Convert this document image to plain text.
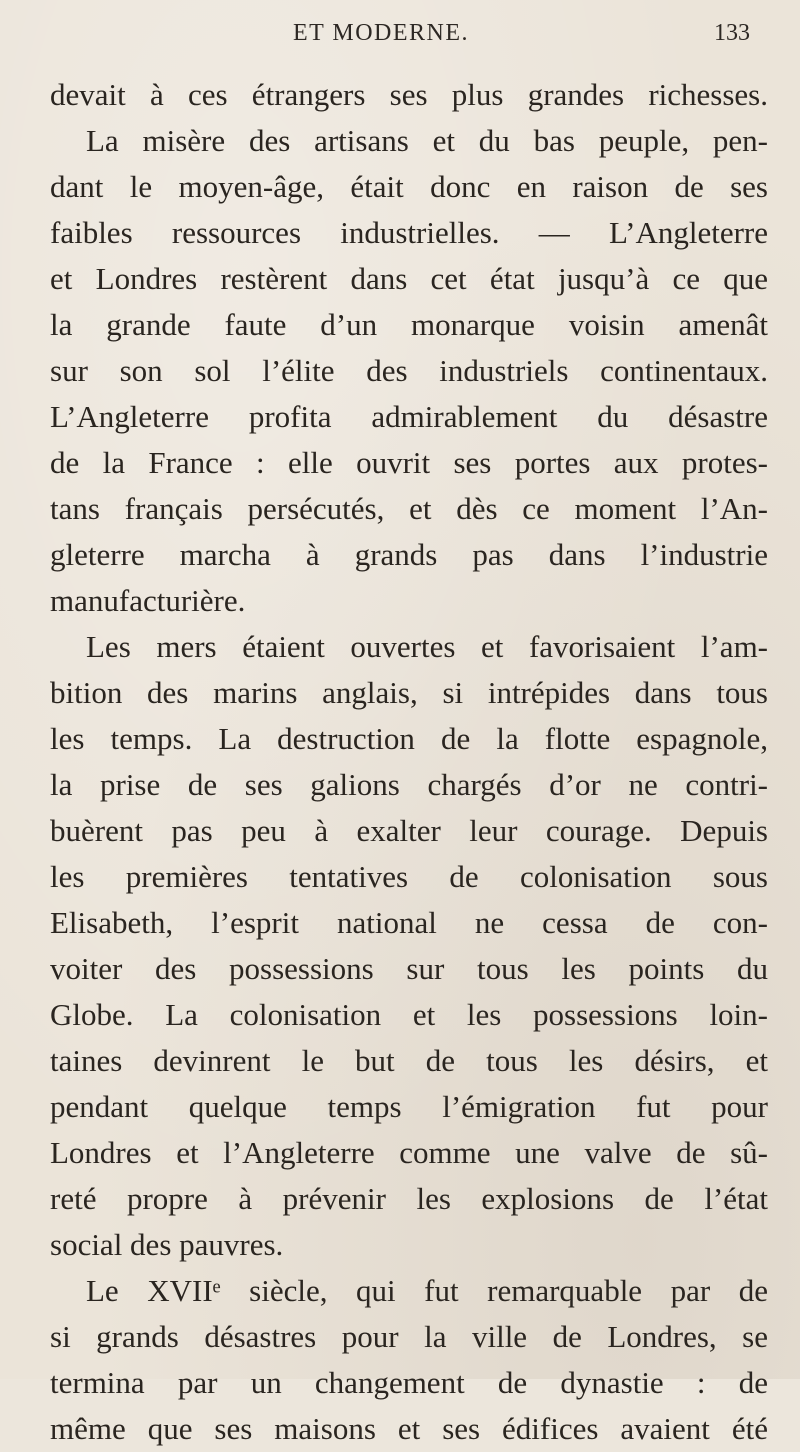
ET MODERNE.	133
devait à ces étrangers ses plus grandes richesses.
La misère des artisans et du bas peuple, pen-
dant le moyen-âge, était donc en raison de ses
faibles ressources industrielles. — L’Angleterre
et Londres restèrent dans cet état jusqu’à ce que
la grande faute d’un monarque voisin amenât
sur son sol l’élite des industriels continentaux.
L’Angleterre profita admirablement du désastre
de la France : elle ouvrit ses portes aux protes-
tans français persécutés, et dès ce moment l’An-
gleterre marcha à grands pas dans l’industrie
manufacturière.
Les mers étaient ouvertes et favorisaient l’am-
bition des marins anglais, si intrépides dans tous
les temps. La destruction de la flotte espagnole,
la prise de ses galions chargés d’or ne contri-
buèrent pas peu à exalter leur courage. Depuis
les premières tentatives de colonisation sous
Elisabeth, l’esprit national ne cessa de con-
voiter des possessions sur tous les points du
Globe. La colonisation et les possessions loin-
taines devinrent le but de tous les désirs, et
pendant quelque temps l’émigration fut pour
Londres et l’Angleterre comme une valve de sû-
reté propre à prévenir les explosions de l’état
social des pauvres.
Le XVIIᵉ siècle, qui fut remarquable par de
si grands désastres pour la ville de Londres, se
termina par un changement de dynastie : de
même que ses maisons et ses édifices avaient été
